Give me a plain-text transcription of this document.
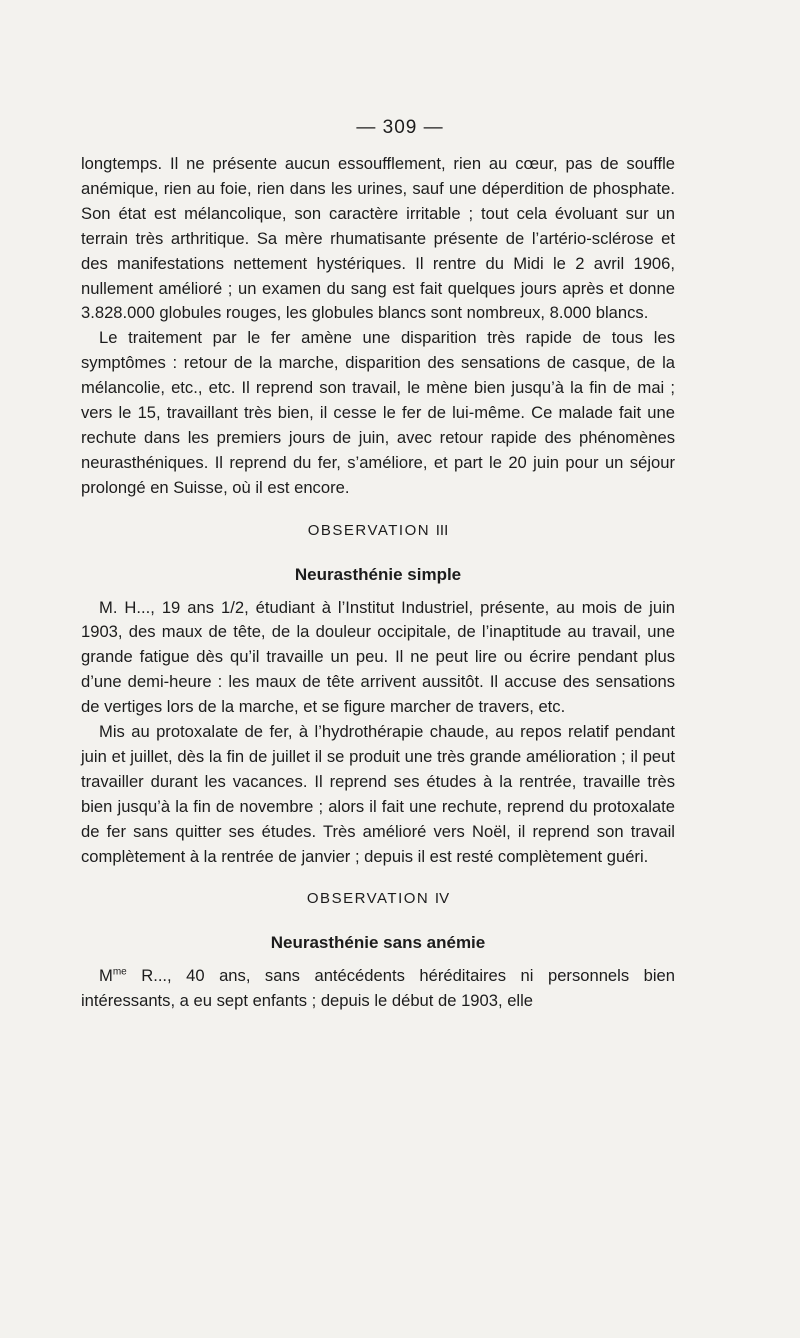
— 309 —

longtemps. Il ne présente aucun essoufflement, rien au cœur, pas de souffle anémique, rien au foie, rien dans les urines, sauf une déperdition de phosphate. Son état est mélancolique, son caractère irritable ; tout cela évoluant sur un terrain très arthritique. Sa mère rhumatisante présente de l’artério-sclérose et des manifestations nettement hystériques. Il rentre du Midi le 2 avril 1906, nullement amélioré ; un examen du sang est fait quelques jours après et donne 3.828.000 globules rouges, les globules blancs sont nombreux, 8.000 blancs.

Le traitement par le fer amène une disparition très rapide de tous les symptômes : retour de la marche, disparition des sensations de casque, de la mélancolie, etc., etc. Il reprend son travail, le mène bien jusqu’à la fin de mai ; vers le 15, travaillant très bien, il cesse le fer de lui-même. Ce malade fait une rechute dans les premiers jours de juin, avec retour rapide des phénomènes neurasthéniques. Il reprend du fer, s’améliore, et part le 20 juin pour un séjour prolongé en Suisse, où il est encore.

OBSERVATION III
Neurasthénie simple

M. H..., 19 ans 1/2, étudiant à l’Institut Industriel, présente, au mois de juin 1903, des maux de tête, de la douleur occipitale, de l’inaptitude au travail, une grande fatigue dès qu’il travaille un peu. Il ne peut lire ou écrire pendant plus d’une demi-heure : les maux de tête arrivent aussitôt. Il accuse des sensations de vertiges lors de la marche, et se figure marcher de travers, etc.

Mis au protoxalate de fer, à l’hydrothérapie chaude, au repos relatif pendant juin et juillet, dès la fin de juillet il se produit une très grande amélioration ; il peut travailler durant les vacances. Il reprend ses études à la rentrée, travaille très bien jusqu’à la fin de novembre ; alors il fait une rechute, reprend du protoxalate de fer sans quitter ses études. Très amélioré vers Noël, il reprend son travail complètement à la rentrée de janvier ; depuis il est resté complètement guéri.

OBSERVATION IV
Neurasthénie sans anémie

$M^{me}$ R..., 40 ans, sans antécédents héréditaires ni personnels bien intéressants, a eu sept enfants ; depuis le début de 1903, elle
